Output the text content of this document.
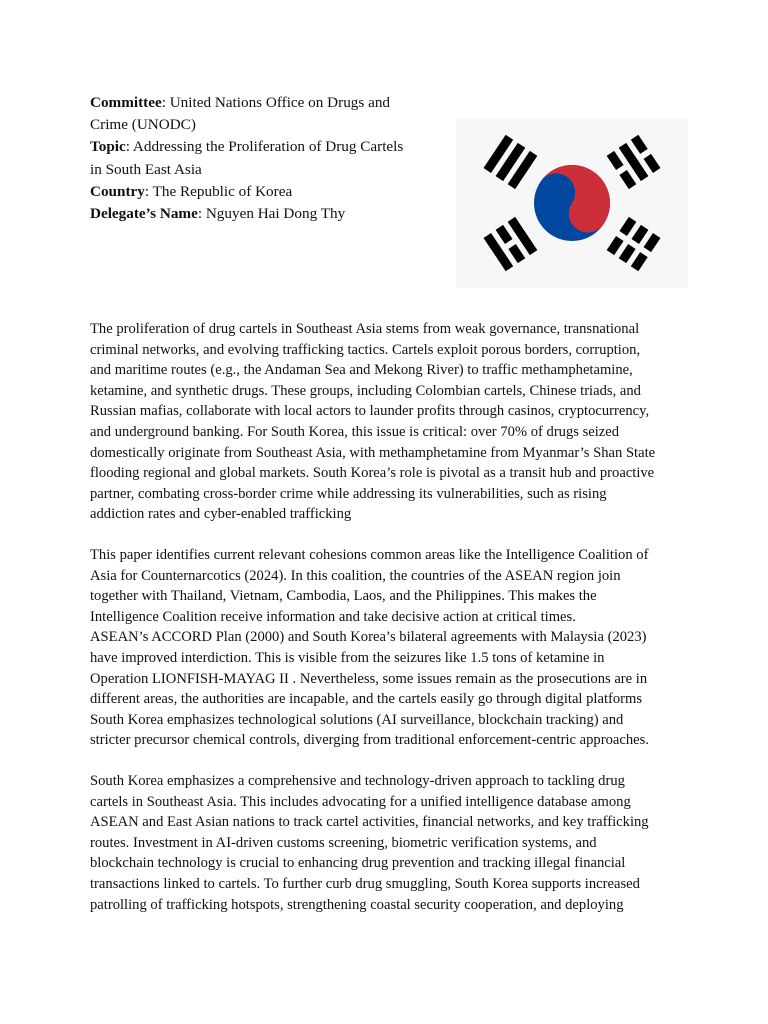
Committee: United Nations Office on Drugs and
Crime (UNODC)
Topic: Addressing the Proliferation of Drug Cartels
in South East Asia
Country: The Republic of Korea
Delegate’s Name: Nguyen Hai Dong Thy

The proliferation of drug cartels in Southeast Asia stems from weak governance, transnational
criminal networks, and evolving trafficking tactics. Cartels exploit porous borders, corruption,
and maritime routes (e.g., the Andaman Sea and Mekong River) to traffic methamphetamine,
ketamine, and synthetic drugs. These groups, including Colombian cartels, Chinese triads, and
Russian mafias, collaborate with local actors to launder profits through casinos, cryptocurrency,
and underground banking. For South Korea, this issue is critical: over 70% of drugs seized
domestically originate from Southeast Asia, with methamphetamine from Myanmar’s Shan State
flooding regional and global markets. South Korea’s role is pivotal as a transit hub and proactive
partner, combating cross-border crime while addressing its vulnerabilities, such as rising
addiction rates and cyber-enabled trafficking

This paper identifies current relevant cohesions common areas like the Intelligence Coalition of
Asia for Counternarcotics (2024). In this coalition, the countries of the ASEAN region join
together with Thailand, Vietnam, Cambodia, Laos, and the Philippines. This makes the
Intelligence Coalition receive information and take decisive action at critical times.
ASEAN’s ACCORD Plan (2000) and South Korea’s bilateral agreements with Malaysia (2023)
have improved interdiction. This is visible from the seizures like 1.5 tons of ketamine in
Operation LIONFISH-MAYAG II . Nevertheless, some issues remain as the prosecutions are in
different areas, the authorities are incapable, and the cartels easily go through digital platforms
South Korea emphasizes technological solutions (AI surveillance, blockchain tracking) and
stricter precursor chemical controls, diverging from traditional enforcement-centric approaches.

South Korea emphasizes a comprehensive and technology-driven approach to tackling drug
cartels in Southeast Asia. This includes advocating for a unified intelligence database among
ASEAN and East Asian nations to track cartel activities, financial networks, and key trafficking
routes. Investment in AI-driven customs screening, biometric verification systems, and
blockchain technology is crucial to enhancing drug prevention and tracking illegal financial
transactions linked to cartels. To further curb drug smuggling, South Korea supports increased
patrolling of trafficking hotspots, strengthening coastal security cooperation, and deploying
